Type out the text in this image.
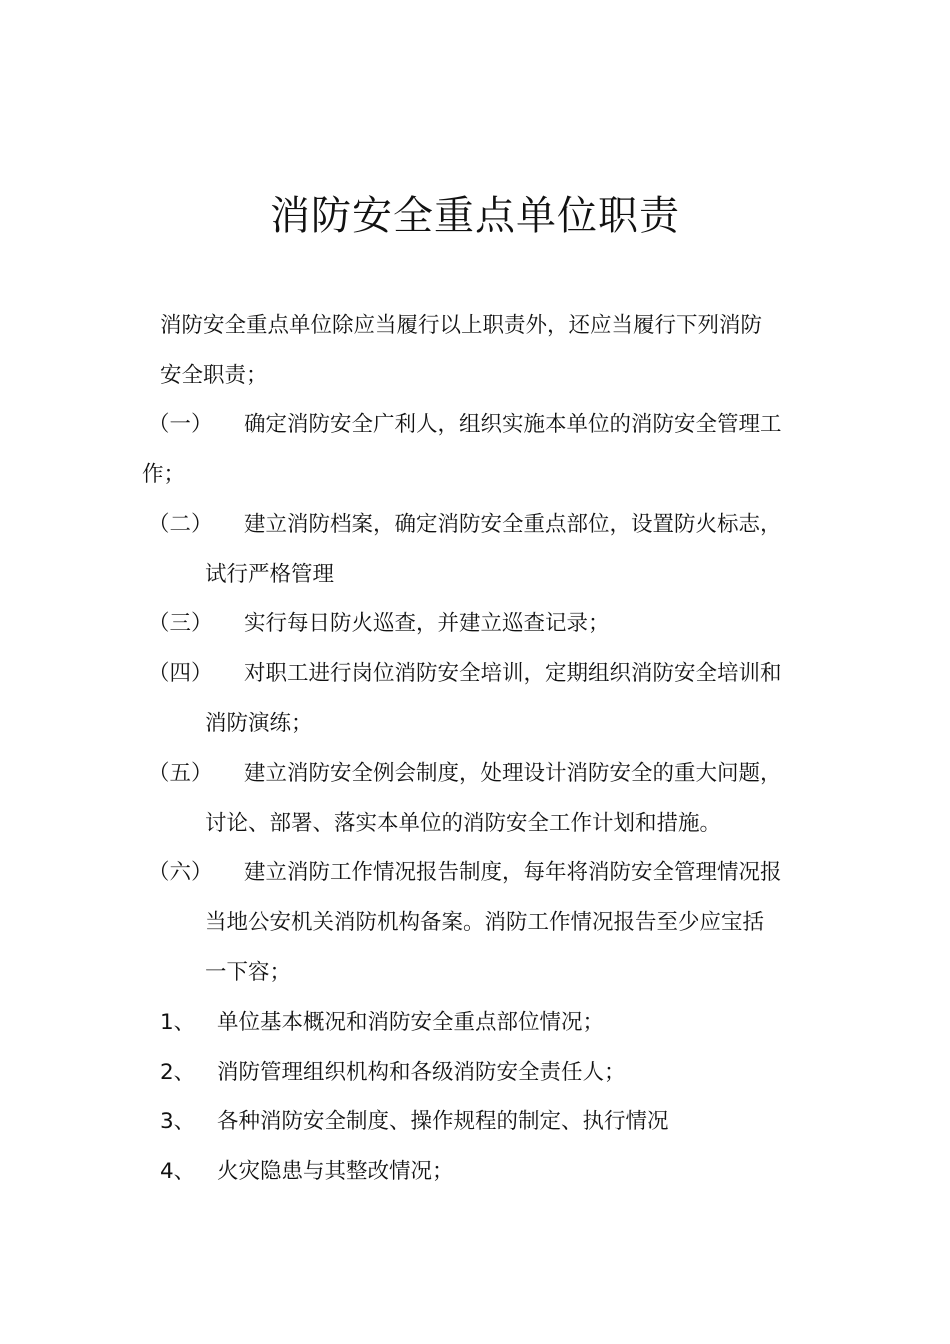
消防安全重点单位职责
消防安全重点单位除应当履行以上职责外，还应当履行下列消防
安全职责；
（一） 确定消防安全广利人，组织实施本单位的消防安全管理工
作；
（二） 建立消防档案，确定消防安全重点部位，设置防火标志，
试行严格管理
（三） 实行每日防火巡查，并建立巡查记录；
（四） 对职工进行岗位消防安全培训，定期组织消防安全培训和
消防演练；
（五） 建立消防安全例会制度，处理设计消防安全的重大问题，
讨论、部署、落实本单位的消防安全工作计划和措施。
（六） 建立消防工作情况报告制度，每年将消防安全管理情况报
当地公安机关消防机构备案。消防工作情况报告至少应宝括
一下容；
1、 单位基本概况和消防安全重点部位情况；
2、 消防管理组织机构和各级消防安全责任人；
3、 各种消防安全制度、操作规程的制定、执行情况
4、 火灾隐患与其整改情况；
